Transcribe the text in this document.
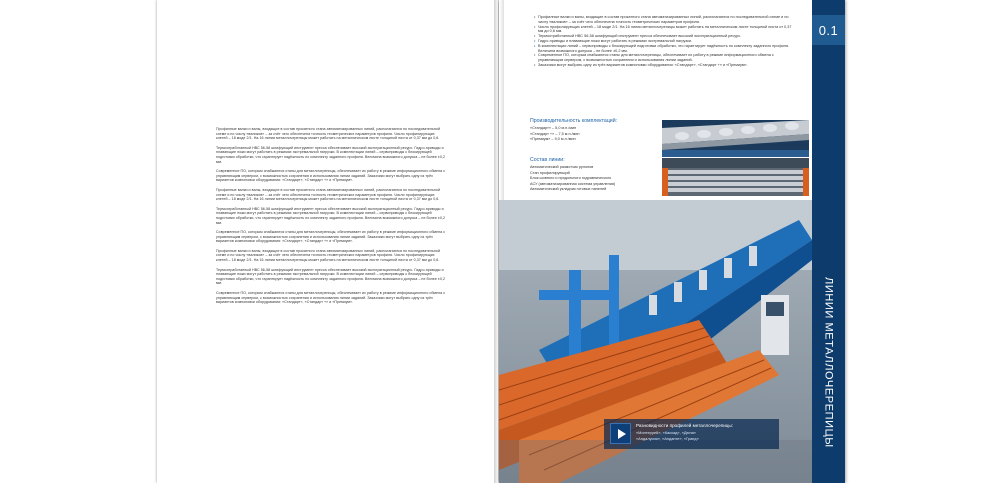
Профилные валки и валы, входящие в состав прокатного стана автоматизированных линий, располагаются по последовательной схеме и по числу «валиков» – за счёт чего обеспечена точность геометрических параметров профиля. Число профилирующих клетей – 18 моде 2/1. На 16 линии металлочерепицы может работать на металлическом листе толщиной листа от 0,37 мм до 0,6.

Термоотработанный НВС 56-58 шлифующий инструмент пресса обеспечивает высокий эксплуатационный ресурс. Гидро-приводы и плавающие ножи могут работать в режимах экстремальной нагрузки. В комплектации линий – сервоприводы с блокирующей подготовки обработки, что гарантирует надёжность по комплекту заданного профиля. Величина возможного допуска – не более ±0,2 мм.

Современное ПО, которым снабжаются станы для металлочерепицы, обеспечивает их работу в режиме информационного обмена с управляющим сервером, с возможностью сохранения и использования линии заданий. Заказчики могут выбрать одну из трёх вариантов компоновки оборудования: «Стандарт», «Стандарт +» и «Премиум».

Профилные валки и валы, входящие в состав прокатного стана автоматизированных линий, располагаются по последовательной схеме и по числу «валиков» – за счёт чего обеспечена точность геометрических параметров профиля. Число профилирующих клетей – 18 моде 2/1. На 16 линии металлочерепицы может работать на металлическом листе толщиной листа от 0,37 мм до 0,6.

Термоотработанный НВС 56-58 шлифующий инструмент пресса обеспечивает высокий эксплуатационный ресурс. Гидро-приводы и плавающие ножи могут работать в режимах экстремальной нагрузки. В комплектации линий – сервоприводы с блокирующей подготовки обработки, что гарантирует надёжность по комплекту заданного профиля. Величина возможного допуска – не более ±0,2 мм.

Современное ПО, которым снабжаются станы для металлочерепицы, обеспечивает их работу в режиме информационного обмена с управляющим сервером, с возможностью сохранения и использования линии заданий. Заказчики могут выбрать одну из трёх вариантов компоновки оборудования: «Стандарт», «Стандарт +» и «Премиум».

Профилные валки и валы, входящие в состав прокатного стана автоматизированных линий, располагаются по последовательной схеме и по числу «валиков» – за счёт чего обеспечена точность геометрических параметров профиля. Число профилирующих клетей – 18 моде 2/1. На 16 линии металлочерепицы может работать на металлическом листе толщиной листа от 0,37 мм до 0,6.

Термоотработанный НВС 56-58 шлифующий инструмент пресса обеспечивает высокий эксплуатационный ресурс. Гидро-приводы и плавающие ножи могут работать в режимах экстремальной нагрузки. В комплектации линий – сервоприводы с блокирующей подготовки обработки, что гарантирует надёжность по комплекту заданного профиля. Величина возможного допуска – не более ±0,2 мм.

Современное ПО, которым снабжаются станы для металлочерепицы, обеспечивает их работу в режиме информационного обмена с управляющим сервером, с возможностью сохранения и использования линии заданий. Заказчики могут выбрать одну из трёх вариантов компоновки оборудования: «Стандарт», «Стандарт +» и «Премиум».

• Профилные валки и валы, входящие в состав прокатного стана автоматизированных линий, располагаются по последовательной схеме и по числу «валиков» – за счёт чего обеспечена точность геометрических параметров профиля.
• Число профилирующих клетей – 18 моде 2/1. На 16 линии металлочерепицы может работать на металлическом листе толщиной листа от 0,37 мм до 0,6 мм.
• Термоотработанный НВС 56-58 шлифующий инструмент пресса обеспечивает высокий эксплуатационный ресурс.
• Гидро-приводы и плавающие ножи могут работать в режимах экстремальной нагрузки.
• В комплектации линий – сервоприводы с блокирующей подготовки обработки, что гарантирует надёжность по комплекту заданного профиля. Величина возможного допуска – не более ±0,2 мм.
• Современное ПО, которым снабжаются станы для металлочерепицы, обеспечивает их работу в режиме информационного обмена с управляющим сервером, с возможностью сохранения и использования линии заданий.
• Заказчики могут выбрать одну из трёх вариантов компоновки оборудования: «Стандарт», «Стандарт +» и «Премиум».
Производительность комплектаций:
«Стандарт» – 5,0 м.п./мин
«Стандарт +» – 7,5 м.п./мин
«Премиум» – 9,0 м.п./мин
Состав линии:
Автоматический размотчик рулонов
Стан профилирующий
Блок шовного и продольного гидравлического
АСУ (автоматизированная система управления)
Автоматический укладчик готовых панелей
Разновидности профилей металлочерепицы:
«Монтеррей», «Каскад», «Дюна»
«Андалусия», «Анданте», «Гранд»
0.1
ЛИНИИ МЕТАЛЛОЧЕРЕПИЦЫ
